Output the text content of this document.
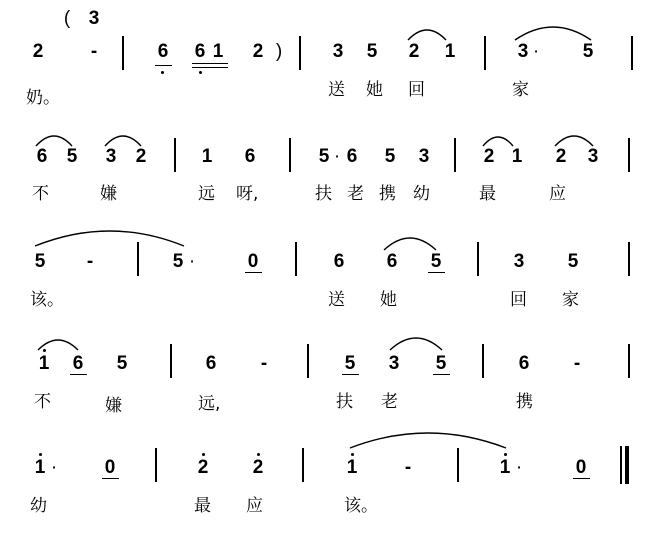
( 3
2	-	6 6 1 2 )	3 5 2 1	3 · 5
奶。	送 她 回	家
6 5 3 2	1 6	5 · 6 5 3	2 1 2 3
不	嫌	远 呀,	扶 老 携 幼	最	应
5 -	5 ·	0	6 6 5	3 5
该。	送 她	回 家
1 6 5	6 -	5 3 5	6 -
不	嫌	远,	扶 老	携
1 ·	0	2 2	1	-	1 ·	0
幼	最 应	该。
